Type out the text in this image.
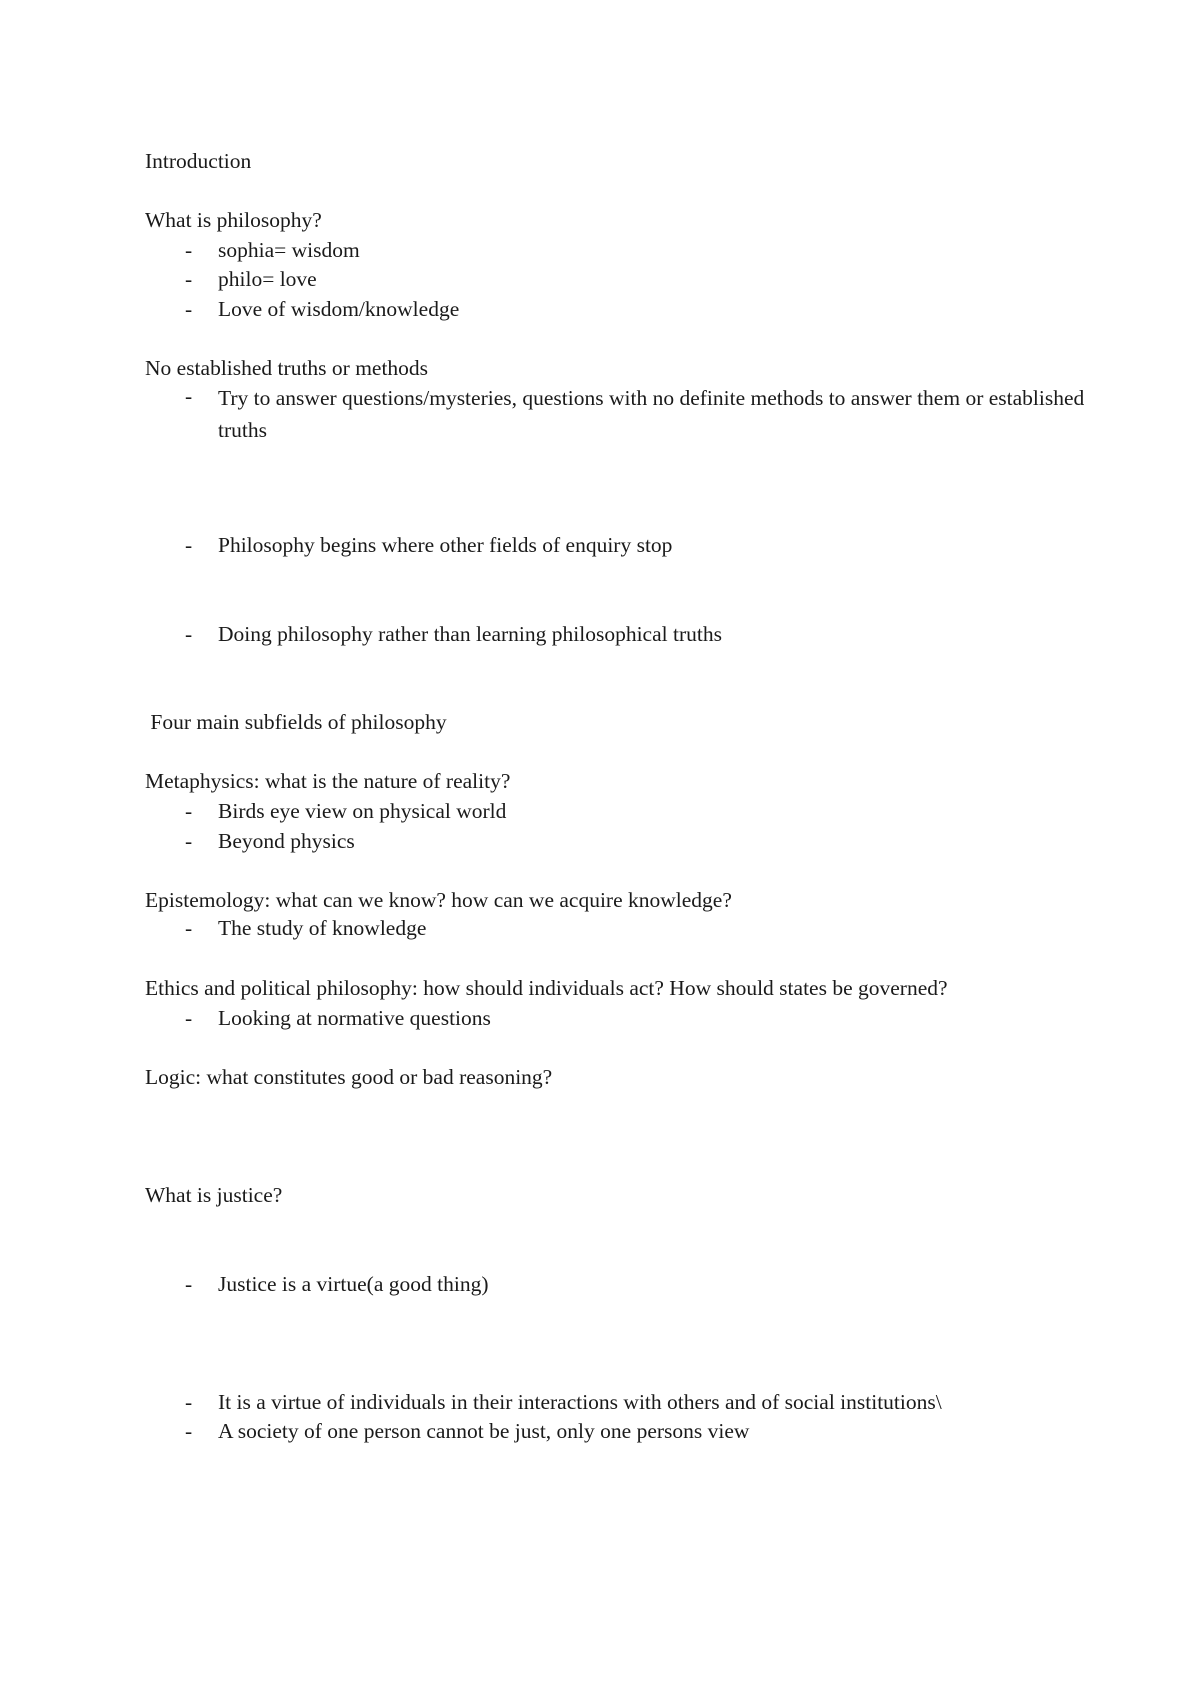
Introduction
What is philosophy?
- sophia= wisdom
- philo= love
- Love of wisdom/knowledge
No established truths or methods
- Try to answer questions/mysteries, questions with no definite methods to answer them or established truths
- Philosophy begins where other fields of enquiry stop
- Doing philosophy rather than learning philosophical truths
Four main subfields of philosophy
Metaphysics: what is the nature of reality?
- Birds eye view on physical world
- Beyond physics
Epistemology: what can we know? how can we acquire knowledge?
- The study of knowledge
Ethics and political philosophy: how should individuals act? How should states be governed?
- Looking at normative questions
Logic: what constitutes good or bad reasoning?
What is justice?
- Justice is a virtue(a good thing)
- It is a virtue of individuals in their interactions with others and of social institutions\
- A society of one person cannot be just, only one persons view
